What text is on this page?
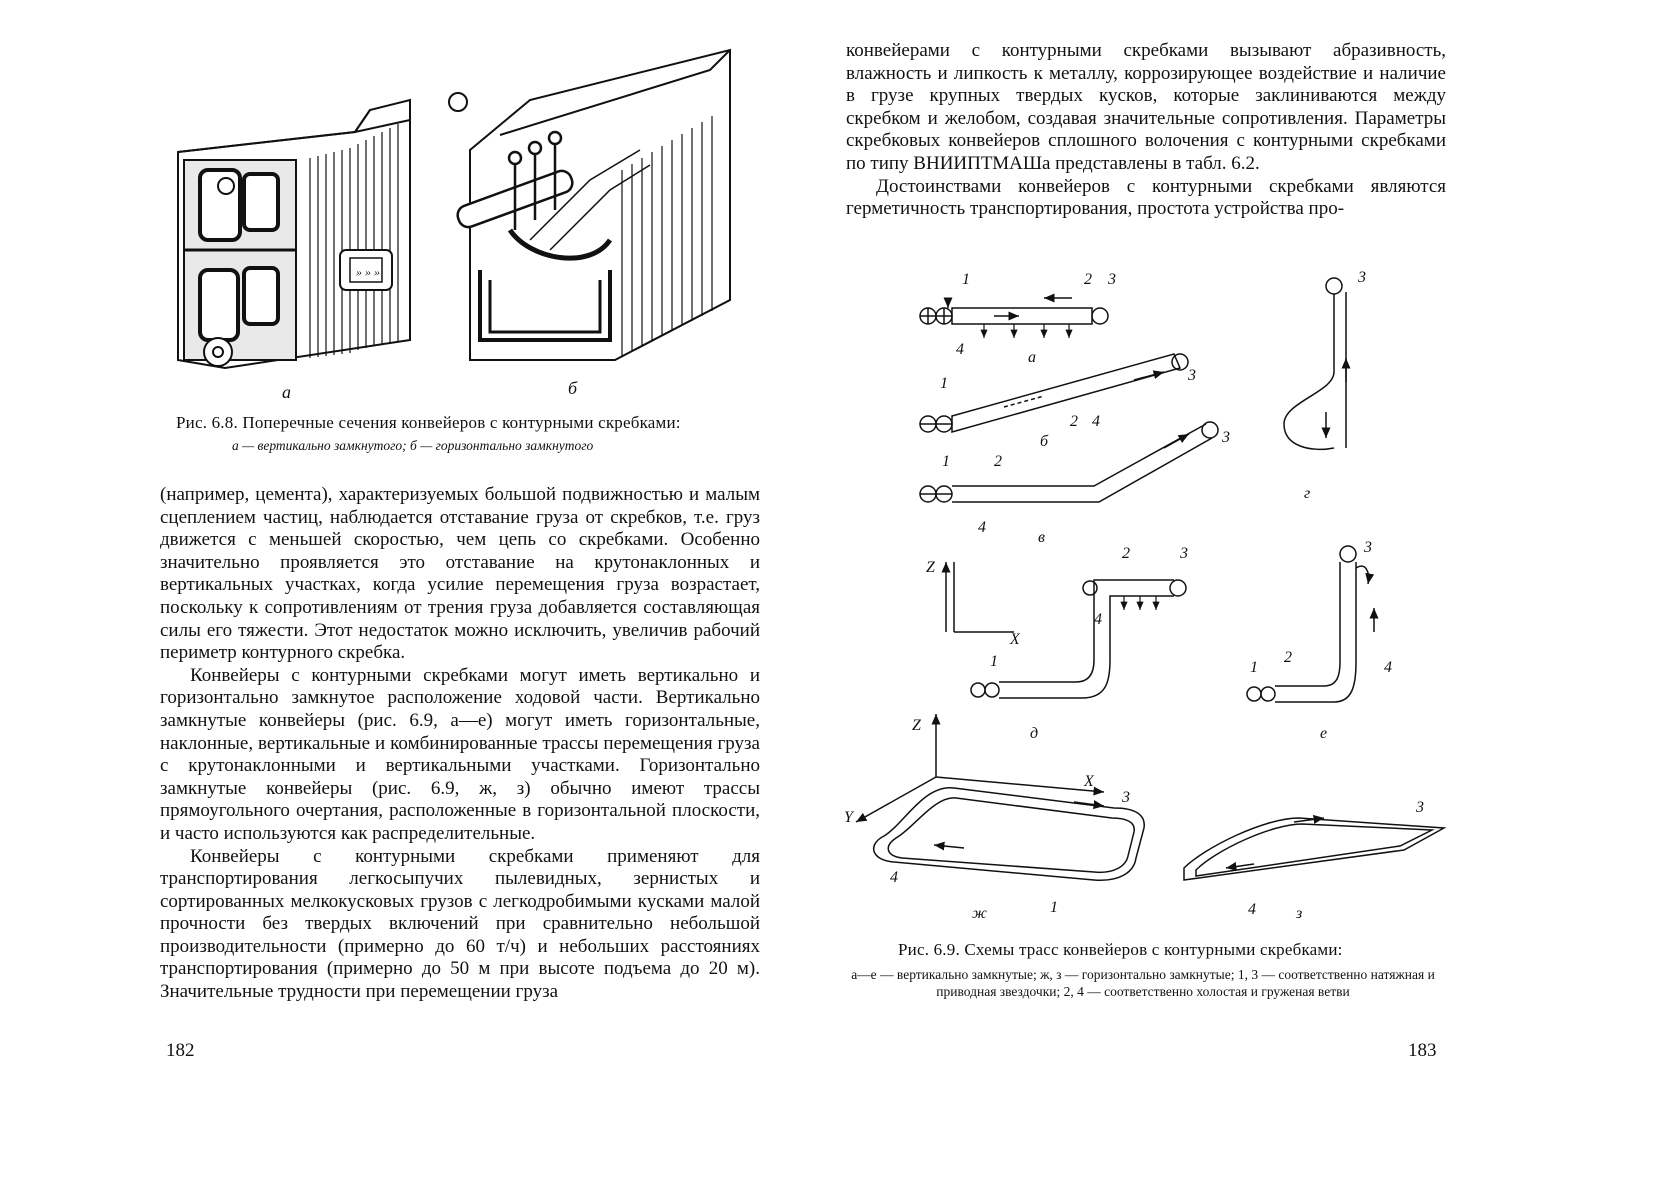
» » »
а	б
Рис. 6.8. Поперечные сечения конвейеров с контурными скребками:
а — вертикально замкнутого; б — горизонтально замкнутого

(например, цемента), характеризуемых большой подвижностью и малым сцеплением частиц, наблюдается отставание груза от скребков, т.е. груз движется с меньшей скоростью, чем цепь со скребками. Особенно значительно проявляется это отставание на крутонаклонных и вертикальных участках, когда усилие перемещения груза возрастает, поскольку к сопротивлениям от трения груза добавляется составляющая силы его тяжести. Этот недостаток можно исключить, увеличив рабочий периметр контурного скребка.

Конвейеры с контурными скребками могут иметь вертикально и горизонтально замкнутое расположение ходовой части. Вертикально замкнутые конвейеры (рис. 6.9, а—е) могут иметь горизонтальные, наклонные, вертикальные и комбинированные трассы перемещения груза с крутонаклонными и вертикальными участками. Горизонтально замкнутые конвейеры (рис. 6.9, ж, з) обычно имеют трассы прямоугольного очертания, расположенные в горизонтальной плоскости, и часто используются как распределительные.

Конвейеры с контурными скребками применяют для транспортирования легкосыпучих пылевидных, зернистых и сортированных мелкокусковых грузов с легкодробимыми кусками малой прочности без твердых включений при сравнительно небольшой производительности (примерно до 60 т/ч) и небольших расстояниях транспортирования (примерно до 50 м при высоте подъема до 20 м). Значительные трудности при перемещении груза

182

конвейерами с контурными скребками вызывают абразивность, влажность и липкость к металлу, коррозирующее воздействие и наличие в грузе крупных твердых кусков, которые заклиниваются между скребком и желобом, создавая значительные сопротивления. Параметры скребковых конвейеров сплошного волочения с контурными скребками по типу ВНИИПТМАШа представлены в табл. 6.2.

Достоинствами конвейеров с контурными скребками являются герметичность транспортирования, простота устройства про-

1	2 3
4	а
1
2 4
3
б
1	2
3
4
в
3
г
Z
X
2	3
4
1
д
3
2
4
1
е
Z
X
Y
3
4
1
ж
3
4	з
Рис. 6.9. Схемы трасс конвейеров с контурными скребками:
а—е — вертикально замкнутые; ж, з — горизонтально замкнутые; 1, 3 — соответственно натяжная и приводная звездочки; 2, 4 — соответственно холостая и груженая ветви
183
